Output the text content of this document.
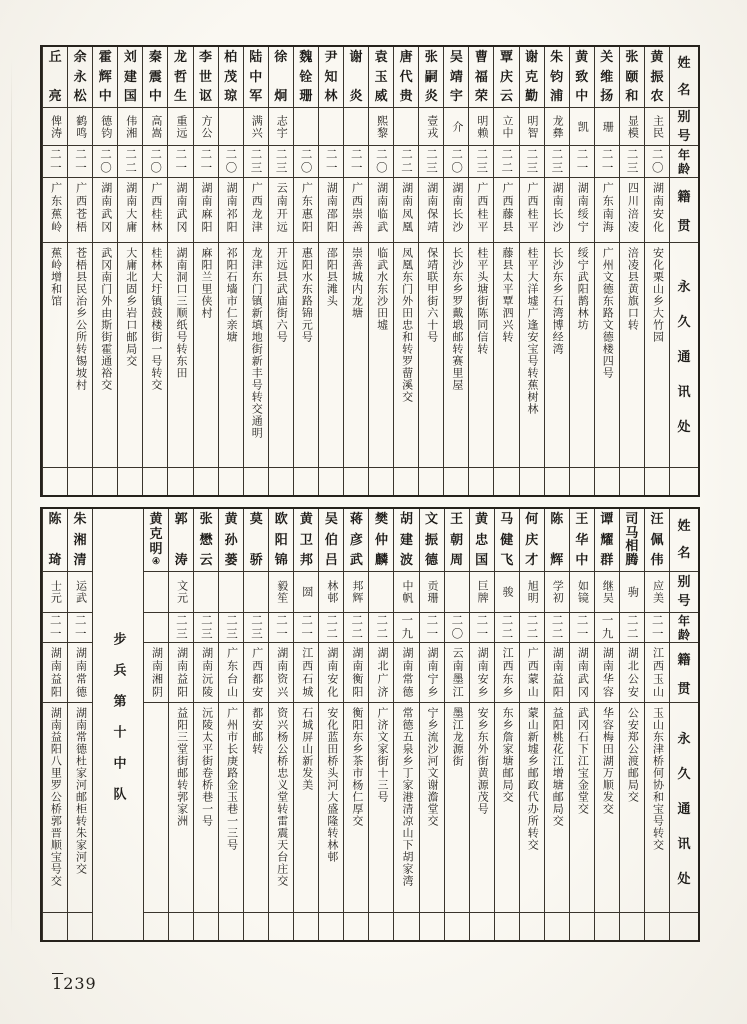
姓
名
别
号
年
龄
籍
贯
永
久
通
讯
处
黄
振
农
主民
二〇
湖南安化
安化栗山乡大竹园
张
颐
和
显模
二三
四川涪凌
涪凌县黄旗口转
关
维
扬
珊
二一
广东南海
广州文德东路文德楼四号
黄
致
中
凯
二一
湖南绥宁
绥宁武阳鹊林坊
朱
钧
浦
龙彝
二三
湖南长沙
长沙东乡石湾博经湾
谢
克
勤
明智
二三
广西桂平
桂平大洋墟广逢安宝号转蕉树林
覃
庆
云
立中
二二
广西藤县
藤县太平覃泗兴转
曹
福
荣
明赖
二三
广西桂平
桂平头塘街陈同信转
吴
靖
宇
介
二〇
湖南长沙
长沙东乡罗戴塅邮转赛里屋
张
嗣
炎
壹戎
二三
湖南保靖
保靖联甲街六十号
唐
代
贵
二二
湖南凤凰
凤凰东门外田忠和转罗蒥溪交
袁
玉
威
熙黎
二〇
湖南临武
临武水东沙田墟
谢
炎
二一
广西崇善
崇善城内龙塘
尹
知
林
二一
湖南邵阳
邵阳县滩头
魏
铨
珊
二〇
广东惠阳
惠阳水东路锦元号
徐
炯
志宇
二三
云南开远
开远县武庙街六号
陆
中
军
满兴
二三
广西龙津
龙津东门镇新填地街新丰号转交通明
柏
茂
琼
二〇
湖南祁阳
祁阳石墻市仁亲塘
李
世
讴
方公
二一
湖南麻阳
麻阳兰里侠村
龙
哲
生
重远
二一
湖南武冈
湖南洞口三顺纸号转东田
秦
震
中
高嵩
二〇
广西桂林
桂林大圩镇鼓楼街一号转交
刘
建
国
伟湘
二二
湖南大庸
大庸北固乡岩口邮局交
霍
辉
中
德钧
二〇
湖南武冈
武冈南门外由斯街霍通裕交
余
永
松
鹤鸣
二一
广西苍梧
苍梧县民治乡公所转锡坡村
丘
亮
俾涛
二一
广东蕉岭
蕉岭增和馆
姓
名
别
号
年
龄
籍
贯
永
久
通
讯
处
汪
佩
伟
应美
二一
江西玉山
玉山东津桥何协和宝号转交
司
马
相
腾
驹
二二
湖北公安
公安郑公渡邮局交
谭
耀
群
继吴
一九
湖南华容
华容梅田湖万顺发交
王
华
中
如镜
二一
湖南武冈
武冈石下江宝金堂交
陈
辉
学初
二二
湖南益阳
益阳桃花江增塘邮局交
何
庆
才
旭明
二二
广西蒙山
蒙山新墟乡邮政代办所转交
马
健
飞
骏
二二
江西东乡
东乡詹家塘邮局交
黄
忠
国
巨牌
二一
湖南安乡
安乡东外街黄源茂号
王
朝
周
二〇
云南墨江
墨江龙源街
文
振
德
贡珊
二一
湖南宁乡
宁乡流沙河文谢澹堂交
胡
建
波
中帆
一九
湖南常德
常德五泉乡丁家港清凉山下胡家湾
樊
仲
麟
二二
湖北广济
广济文家街十三号
蒋
彦
武
邦辉
二二
湖南衡阳
衡阳东乡茶市杨仁厚交
吴
伯
吕
林邨
二二
湖南安化
安化蓝田桥头河大盛隆转林邨
黄
卫
邦
圀
二一
江西石城
石城屏山新发美
欧
阳
锦
毅笙
二一
湖南资兴
资兴杨公桥忠义堂转雷震天台庄交
莫
骄
二三
广西都安
都安邮转
黄
孙
蒌
二三
广东台山
广州市长庚路金玉巷一三号
张
懋
云
二三
湖南沅陵
沅陵太平街卷桥巷一号
郭
涛
文元
二三
湖南益阳
益阳三堂街邮转郭家洲
黄
克
明
④
湖南湘阴
步兵第十中队
朱
湘
清
运武
二一
湖南常德
湖南常德杜家河邮柜转朱家河交
陈
琦
士元
二一
湖南益阳
湖南益阳八里罗公桥郭晋顺宝号交
1239
